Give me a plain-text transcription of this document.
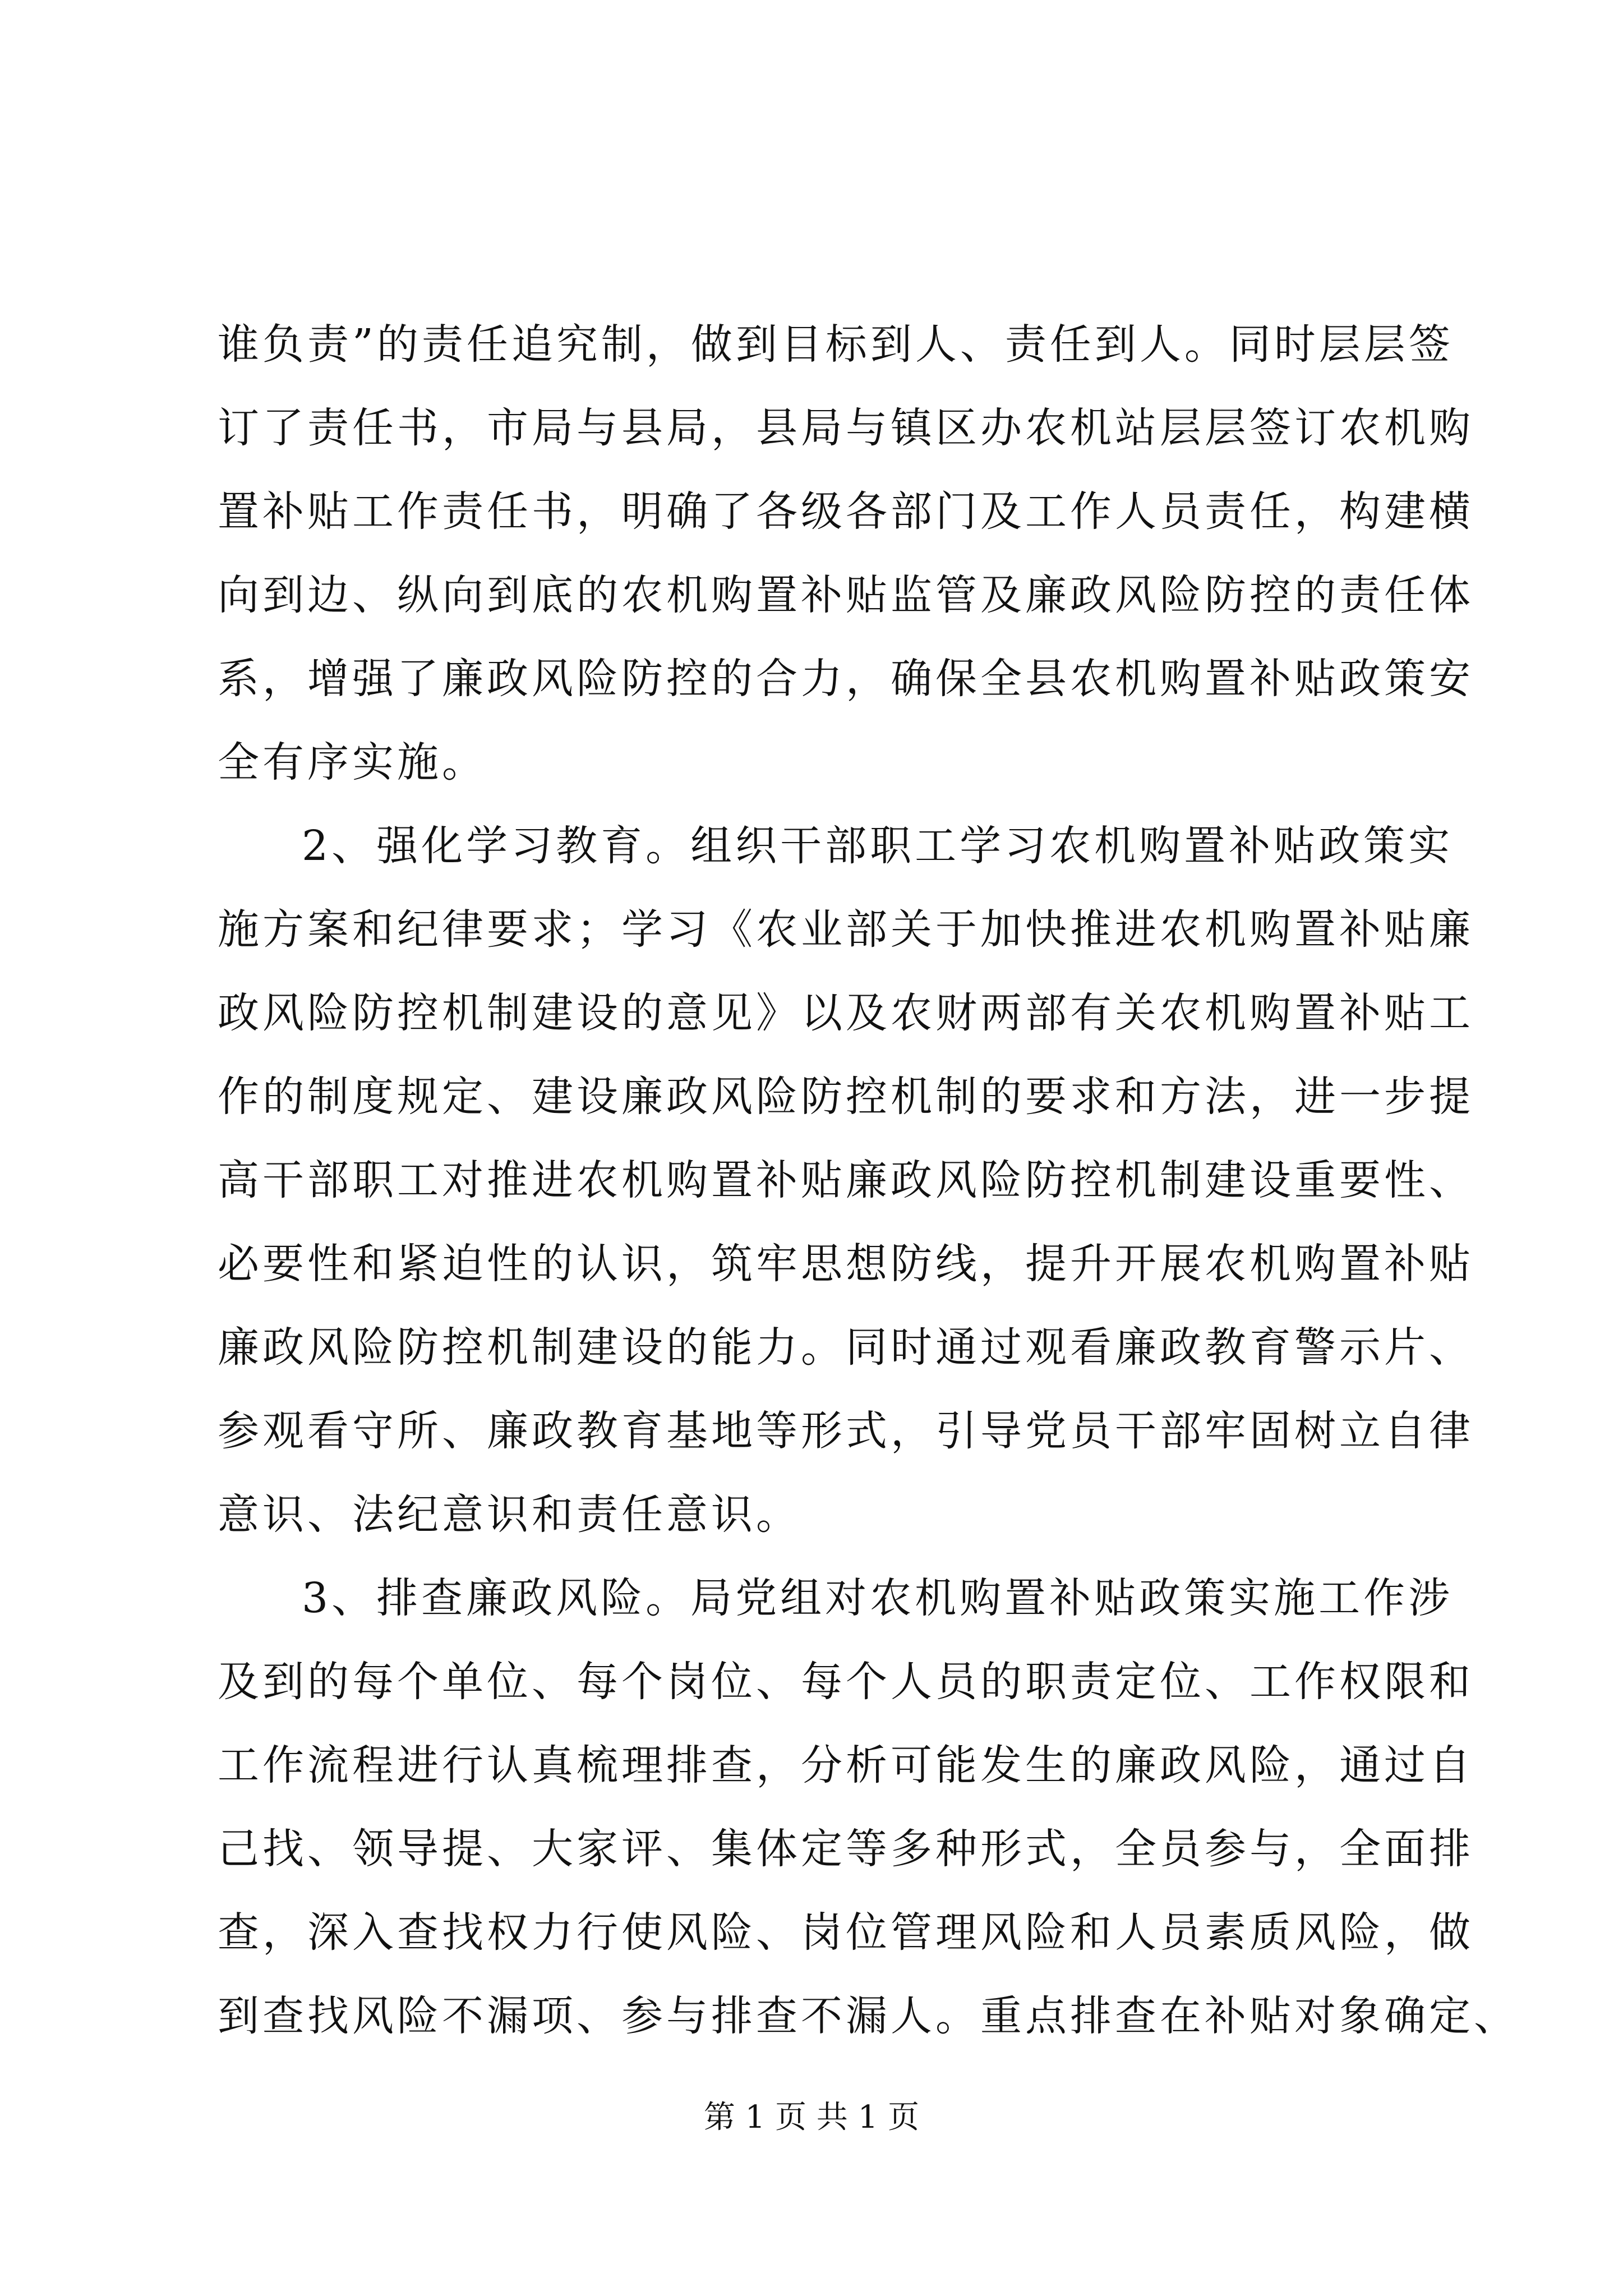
谁负责”的责任追究制，做到目标到人、责任到人。同时层层签
订了责任书，市局与县局，县局与镇区办农机站层层签订农机购
置补贴工作责任书，明确了各级各部门及工作人员责任，构建横
向到边、纵向到底的农机购置补贴监管及廉政风险防控的责任体
系，增强了廉政风险防控的合力，确保全县农机购置补贴政策安
全有序实施。
2、强化学习教育。组织干部职工学习农机购置补贴政策实
施方案和纪律要求；学习《农业部关于加快推进农机购置补贴廉
政风险防控机制建设的意见》以及农财两部有关农机购置补贴工
作的制度规定、建设廉政风险防控机制的要求和方法，进一步提
高干部职工对推进农机购置补贴廉政风险防控机制建设重要性、
必要性和紧迫性的认识，筑牢思想防线，提升开展农机购置补贴
廉政风险防控机制建设的能力。同时通过观看廉政教育警示片、
参观看守所、廉政教育基地等形式，引导党员干部牢固树立自律
意识、法纪意识和责任意识。
3、排查廉政风险。局党组对农机购置补贴政策实施工作涉
及到的每个单位、每个岗位、每个人员的职责定位、工作权限和
工作流程进行认真梳理排查，分析可能发生的廉政风险，通过自
己找、领导提、大家评、集体定等多种形式，全员参与，全面排
查，深入查找权力行使风险、岗位管理风险和人员素质风险，做
到查找风险不漏项、参与排查不漏人。重点排查在补贴对象确定、
第 1 页 共 1 页
